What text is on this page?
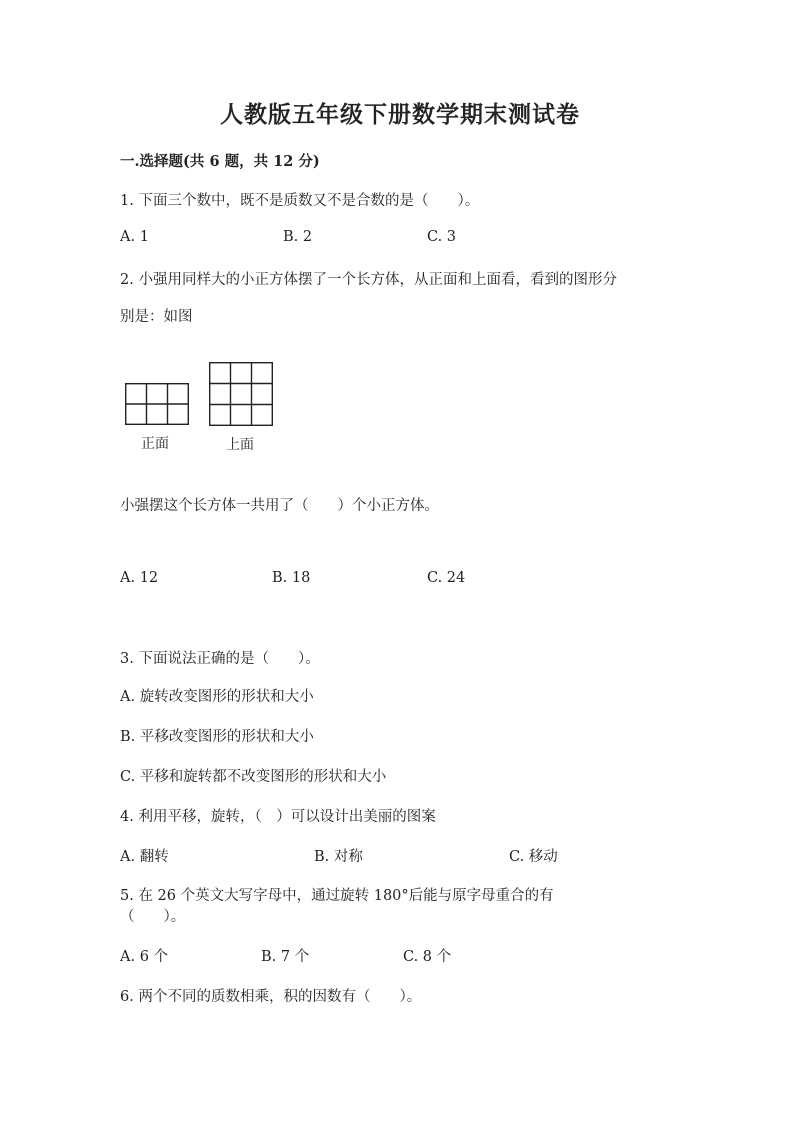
人教版五年级下册数学期末测试卷
一.选择题(共 6 题，共 12 分)
1. 下面三个数中，既不是质数又不是合数的是（　　）。
A. 1	B. 2	C. 3
2. 小强用同样大的小正方体摆了一个长方体，从正面和上面看，看到的图形分
别是：如图
正面	上面
小强摆这个长方体一共用了（　　）个小正方体。
A. 12	B. 18	C. 24
3. 下面说法正确的是（　　）。
A. 旋转改变图形的形状和大小
B. 平移改变图形的形状和大小
C. 平移和旋转都不改变图形的形状和大小
4. 利用平移，旋转，（　）可以设计出美丽的图案
A. 翻转	B. 对称	C. 移动
5. 在 26 个英文大写字母中，通过旋转 180°后能与原字母重合的有
（　　）。
A. 6 个	B. 7 个	C. 8 个
6. 两个不同的质数相乘，积的因数有（　　）。
